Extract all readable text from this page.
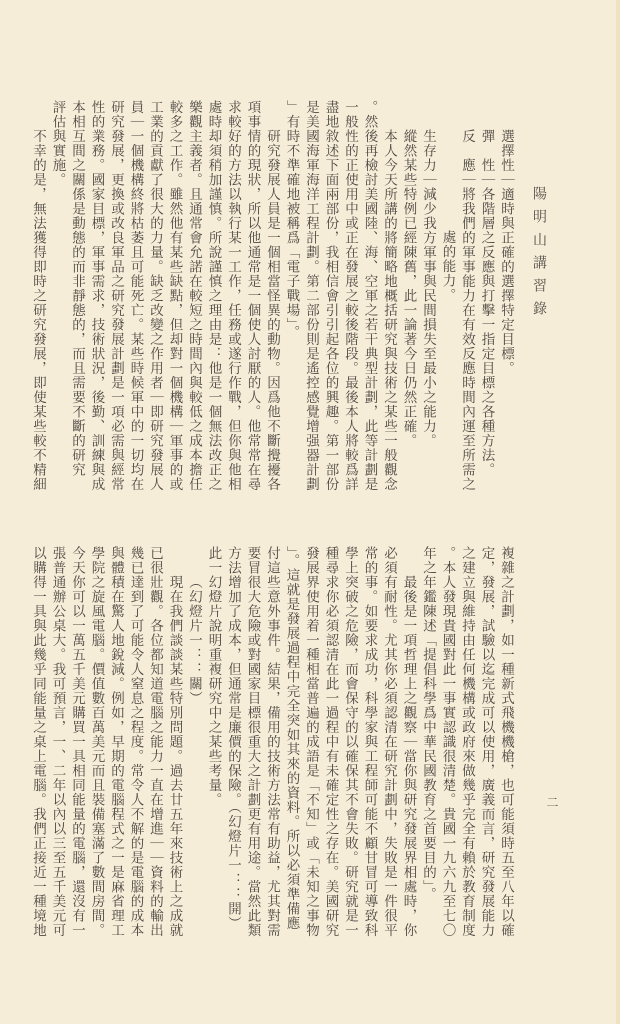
陽明山講習錄
二
選擇性｜適時與正確的選擇特定目標。
彈　性｜各階層之反應與打擊一指定目標之各種方法。
反　應｜將我們的軍事能力在有效反應時間內運至所需之
處的能力。
生存力｜減少我方軍事與民間損失至最小之能力。
縱然某些特例已經陳舊，此一論著今日仍然正確。
本人今天所講的將簡略地概括研究與技術之某些一般觀念
。然後再檢討美國陸、海、空軍之若干典型計劃，此等計劃是
一般性的正使用中或正在發展之較後階段。最後本人將較爲詳
盡地敘述下面兩部份，我相信會引引起各位的興趣。第一部份
是美國海軍海洋工程計劃。第二部份則是遙控感覺增强器計劃
」有時不準確地被稱爲「電子戰場」。
研究發展人員是一個相當怪異的動物。因爲他不斷攪擾各
項事情的現狀，所以他通常是一個使人討厭的人。他常常在尋
求較好的方法以執行某一工作，任務或遂行作戰，但你與他相
處時却須稍加謹慎。所說謹慎之理由是：他是一個無法改正之
樂觀主義者。且通常會允諾在較短之時間內與較低之成本擔任
較多之工作。雖然他有某些缺點，但却對一個機構｜軍事的或
工業的貢獻了很大的力量。缺乏改變之作用者｜即研究發展人
員｜一個機構終將枯萎且可能死亡。某些時候軍中的一切均在
研究發展，更換或改良軍品之研究發展計劃是一項必需與經常
性的業務。國家目標，軍事需求，技術狀況，後勤、訓練與成
本相互間之關係是動態的而非靜態的，而且需要不斷的研究
評估與實施。
不幸的是，無法獲得即時之研究發展，即使某些較不精細
複雜之計劃，如一種新式飛機機槍，也可能須時五至八年以確
定，發展，試驗以迄完成可以使用，廣義而言，研究發展能力
之建立與維持由任何機構或政府來做幾乎完全有賴於教育制度
。本人發現貴國對此一事實認識很清楚。貴國一九六九至七〇
年之年鑑陳述「提倡科學爲中華民國教育之首要目的」。
最後是一項哲理上之觀察｜當你與研究發展界相處時，你
必須有耐性。尤其你必須認清在研究計劃中，失敗是一件很平
常的事。如要求成功，科學家與工程師可能不顧甘冒可導致科
學上突破之危險，而會保守的以確保其不會失敗。研究就是一
種尋求你必須認清在此一過程中有未確定性之存在。美國研究
發展界使用着一種相當普遍的成語是「不知」或「未知之事物
」。這就是發展過程中完全突如其來的資料。所以必須準備應
付這些意外事件。結果，備用的技術方法常有助益，尤其對需
要冒很大危險或對國家目標很重大之計劃更有用途。當然此類
方法增加了成本，但通常是廉價的保險。（幻燈片一：：開）
此一幻燈片說明重複研究中之某些考量。
（幻燈片一：：關）
現在我們談談某些特別問題。過去廿五年來技術上之成就
已很壯觀。各位都知道電腦之能力一直在增進｜｜資料的輸出
幾已達到了可能令人窒息之程度。常令人不解的是電腦的成本
與體積在驚人地銳減。例如，早期的電腦程式之一是麻省理工
學院之旋風電腦。價值數百萬美元而且裝備塞滿了數間房間。
今天你可以一萬五千美元購買一具相同能量的電腦，還沒有一
張普通辦公桌大。我可預言，一、二年以內以三至五千美元可
以購得一具與此幾乎同能量之桌上電腦。我們正接近一種境地
